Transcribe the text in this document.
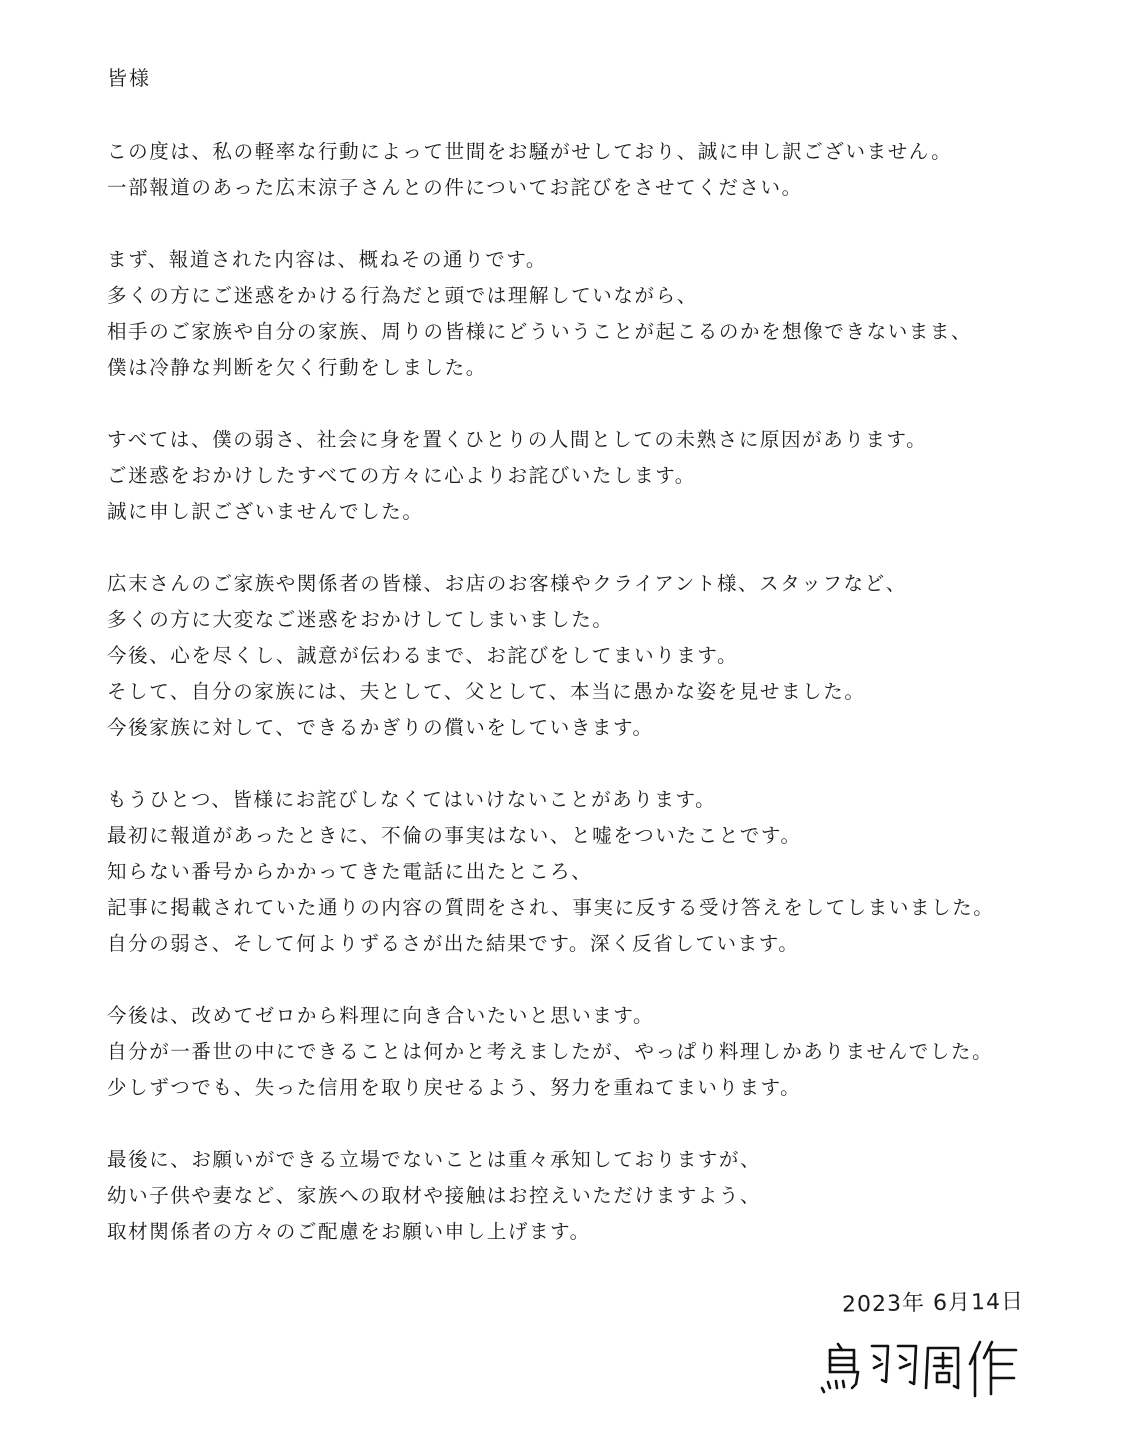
皆様

この度は、私の軽率な行動によって世間をお騒がせしており、誠に申し訳ございません。
一部報道のあった広末涼子さんとの件についてお詫びをさせてください。
まず、報道された内容は、概ねその通りです。
多くの方にご迷惑をかける行為だと頭では理解していながら、
相手のご家族や自分の家族、周りの皆様にどういうことが起こるのかを想像できないまま、
僕は冷静な判断を欠く行動をしました。
すべては、僕の弱さ、社会に身を置くひとりの人間としての未熟さに原因があります。
ご迷惑をおかけしたすべての方々に心よりお詫びいたします。
誠に申し訳ございませんでした。
広末さんのご家族や関係者の皆様、お店のお客様やクライアント様、スタッフなど、
多くの方に大変なご迷惑をおかけしてしまいました。
今後、心を尽くし、誠意が伝わるまで、お詫びをしてまいります。
そして、自分の家族には、夫として、父として、本当に愚かな姿を見せました。
今後家族に対して、できるかぎりの償いをしていきます。
もうひとつ、皆様にお詫びしなくてはいけないことがあります。
最初に報道があったときに、不倫の事実はない、と嘘をついたことです。
知らない番号からかかってきた電話に出たところ、
記事に掲載されていた通りの内容の質問をされ、事実に反する受け答えをしてしまいました。
自分の弱さ、そして何よりずるさが出た結果です。深く反省しています。
今後は、改めてゼロから料理に向き合いたいと思います。
自分が一番世の中にできることは何かと考えましたが、やっぱり料理しかありませんでした。
少しずつでも、失った信用を取り戻せるよう、努力を重ねてまいります。
最後に、お願いができる立場でないことは重々承知しておりますが、
幼い子供や妻など、家族への取材や接触はお控えいただけますよう、
取材関係者の方々のご配慮をお願い申し上げます。
2023年 6月14日
